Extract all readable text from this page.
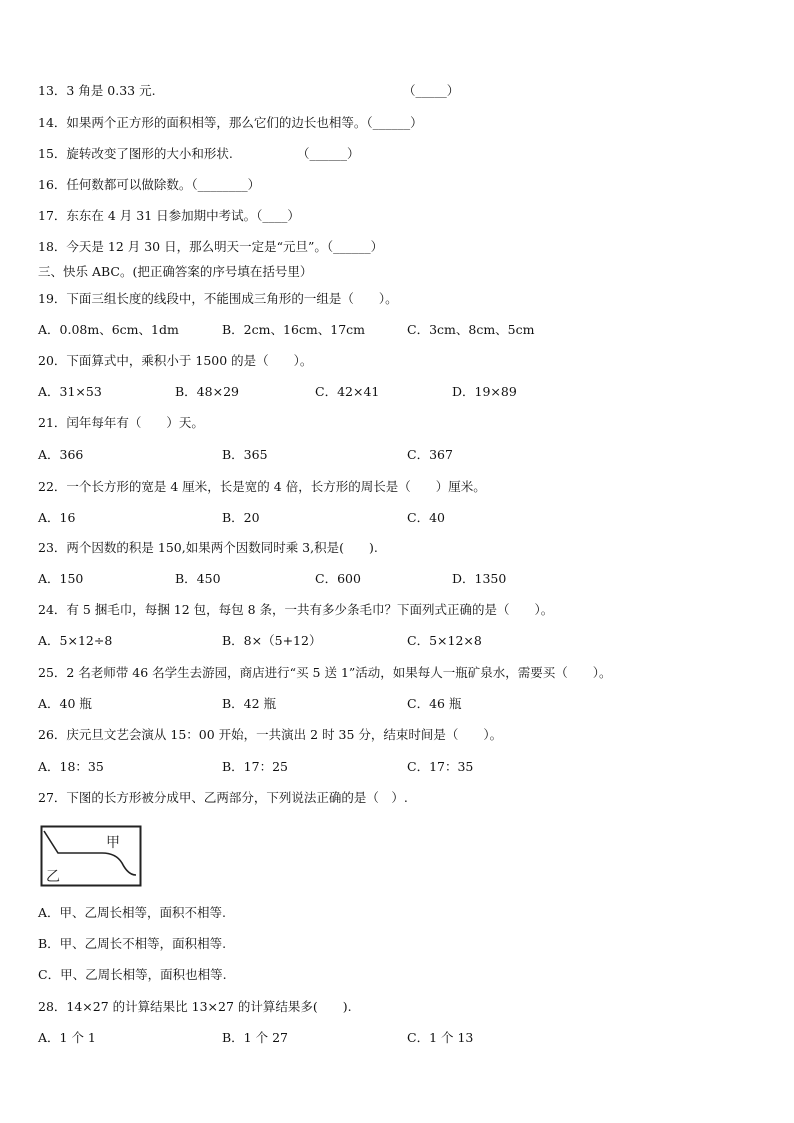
13．3 角是 0.33 元.	（_____）
14．如果两个正方形的面积相等，那么它们的边长也相等。（______）
15．旋转改变了图形的大小和形状.	（______）
16．任何数都可以做除数。（________）
17．东东在 4 月 31 日参加期中考试。（____）
18．今天是 12 月 30 日，那么明天一定是“元旦”。（______）
三、快乐 ABC。(把正确答案的序号填在括号里）
19．下面三组长度的线段中，不能围成三角形的一组是（　　）。
A．0.08m、6cm、1dm	B．2cm、16cm、17cm	C．3cm、8cm、5cm
20．下面算式中，乘积小于 1500 的是（　　）。
A．31×53	B．48×29	C．42×41	D．19×89
21．闰年每年有（　　）天。
A．366	B．365	C．367
22．一个长方形的宽是 4 厘米，长是宽的 4 倍，长方形的周长是（　　）厘米。
A．16	B．20	C．40
23．两个因数的积是 150,如果两个因数同时乘 3,积是(　　).
A．150	B．450	C．600	D．1350
24．有 5 捆毛巾，每捆 12 包，每包 8 条，一共有多少条毛巾？下面列式正确的是（　　）。
A．5×12÷8	B．8×（5+12）	C．5×12×8
25．2 名老师带 46 名学生去游园，商店进行“买 5 送 1”活动，如果每人一瓶矿泉水，需要买（　　）。
A．40 瓶	B．42 瓶	C．46 瓶
26．庆元旦文艺会演从 15：00 开始，一共演出 2 时 35 分，结束时间是（　　）。
A．18：35	B．17：25	C．17：35
27．下图的长方形被分成甲、乙两部分，下列说法正确的是（　）.
甲
乙
A．甲、乙周长相等，面积不相等.
B．甲、乙周长不相等，面积相等.
C．甲、乙周长相等，面积也相等.
28．14×27 的计算结果比 13×27 的计算结果多(　　).
A．1 个 1	B．1 个 27	C．1 个 13
